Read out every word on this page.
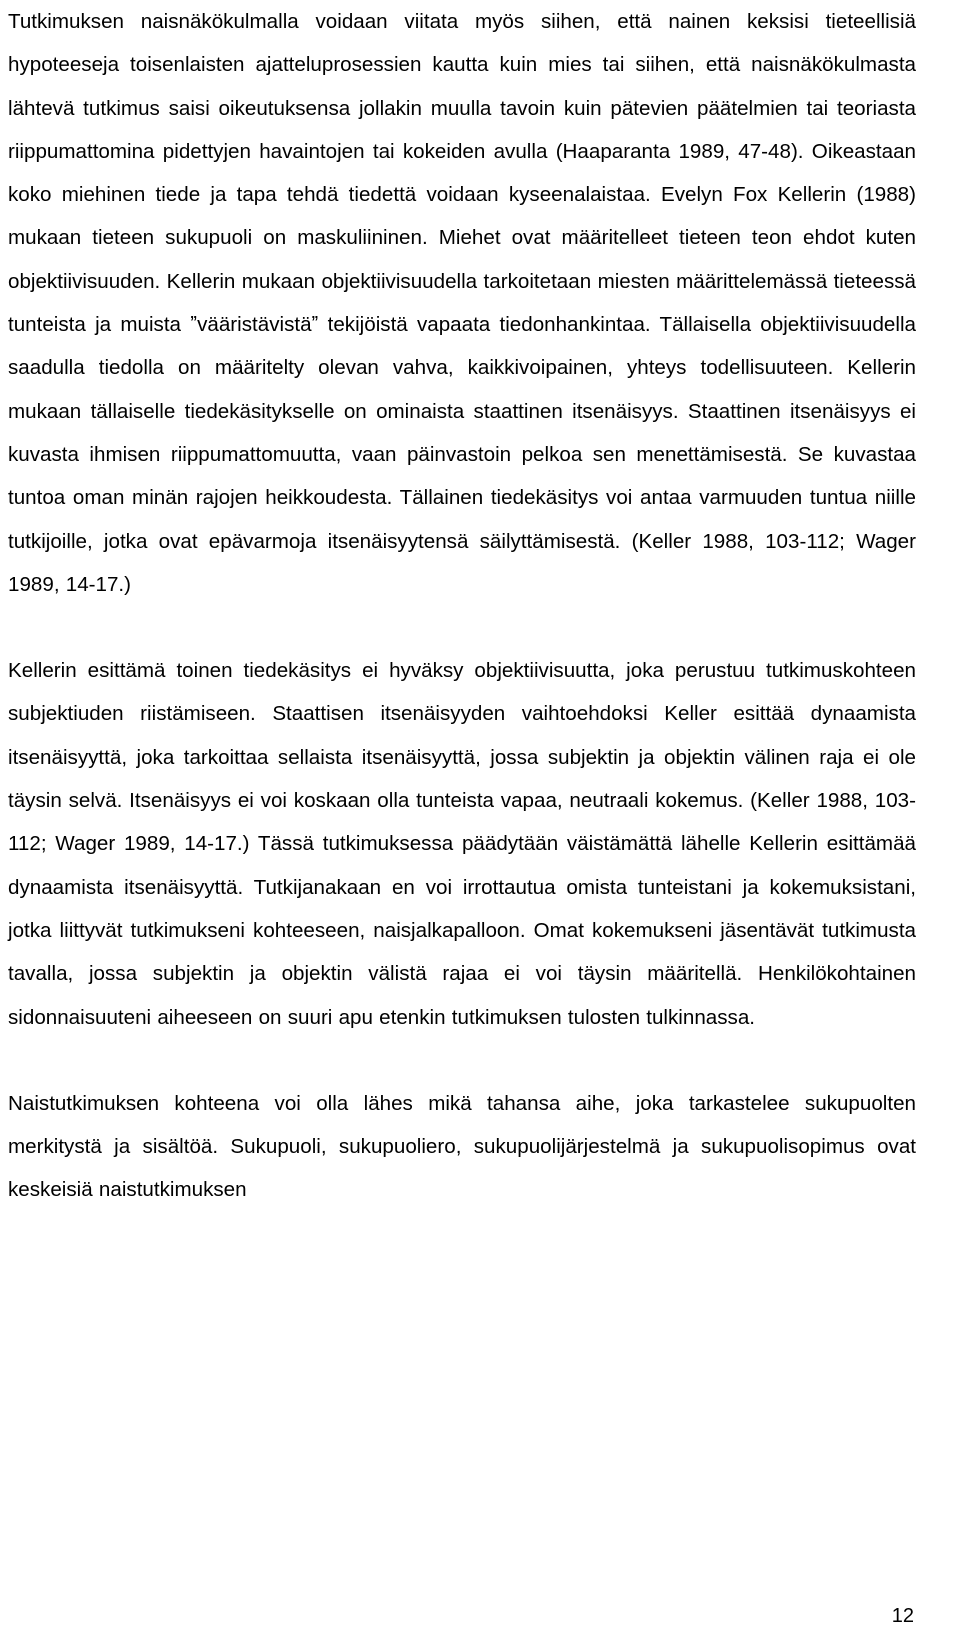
Tutkimuksen naisnäkökulmalla voidaan viitata myös siihen, että nainen keksisi tieteellisiä hypoteeseja toisenlaisten ajatteluprosessien kautta kuin mies tai siihen, että naisnäkökulmasta lähtevä tutkimus saisi oikeutuksensa jollakin muulla tavoin kuin pätevien päätelmien tai teoriasta riippumattomina pidettyjen havaintojen tai kokeiden avulla (Haaparanta 1989, 47-48). Oikeastaan koko miehinen tiede ja tapa tehdä tiedettä voidaan kyseenalaistaa. Evelyn Fox Kellerin (1988) mukaan tieteen sukupuoli on maskuliininen. Miehet ovat määritelleet tieteen teon ehdot kuten objektiivisuuden. Kellerin mukaan objektiivisuudella tarkoitetaan miesten määrittelemässä tieteessä tunteista ja muista ˮvääristävistäˮ tekijöistä vapaata tiedonhankintaa. Tällaisella objektiivisuudella saadulla tiedolla on määritelty olevan vahva, kaikkivoipainen, yhteys todellisuuteen. Kellerin mukaan tällaiselle tiedekäsitykselle on ominaista staattinen itsenäisyys. Staattinen itsenäisyys ei kuvasta ihmisen riippumattomuutta, vaan päinvastoin pelkoa sen menettämisestä. Se kuvastaa tuntoa oman minän rajojen heikkoudesta. Tällainen tiedekäsitys voi antaa varmuuden tuntua niille tutkijoille, jotka ovat epävarmoja itsenäisyytensä säilyttämisestä. (Keller 1988, 103-112; Wager 1989, 14-17.)

Kellerin esittämä toinen tiedekäsitys ei hyväksy objektiivisuutta, joka perustuu tutkimuskohteen subjektiuden riistämiseen. Staattisen itsenäisyyden vaihtoehdoksi Keller esittää dynaamista itsenäisyyttä, joka tarkoittaa sellaista itsenäisyyttä, jossa subjektin ja objektin välinen raja ei ole täysin selvä. Itsenäisyys ei voi koskaan olla tunteista vapaa, neutraali kokemus. (Keller 1988, 103-112; Wager 1989, 14-17.) Tässä tutkimuksessa päädytään väistämättä lähelle Kellerin esittämää dynaamista itsenäisyyttä. Tutkijanakaan en voi irrottautua omista tunteistani ja kokemuksistani, jotka liittyvät tutkimukseni kohteeseen, naisjalkapalloon. Omat kokemukseni jäsentävät tutkimusta tavalla, jossa subjektin ja objektin välistä rajaa ei voi täysin määritellä. Henkilökohtainen sidonnaisuuteni aiheeseen on suuri apu etenkin tutkimuksen tulosten tulkinnassa.

Naistutkimuksen kohteena voi olla lähes mikä tahansa aihe, joka tarkastelee sukupuolten merkitystä ja sisältöä. Sukupuoli, sukupuoliero, sukupuolijärjestelmä ja sukupuolisopimus ovat keskeisiä naistutkimuksen

12
